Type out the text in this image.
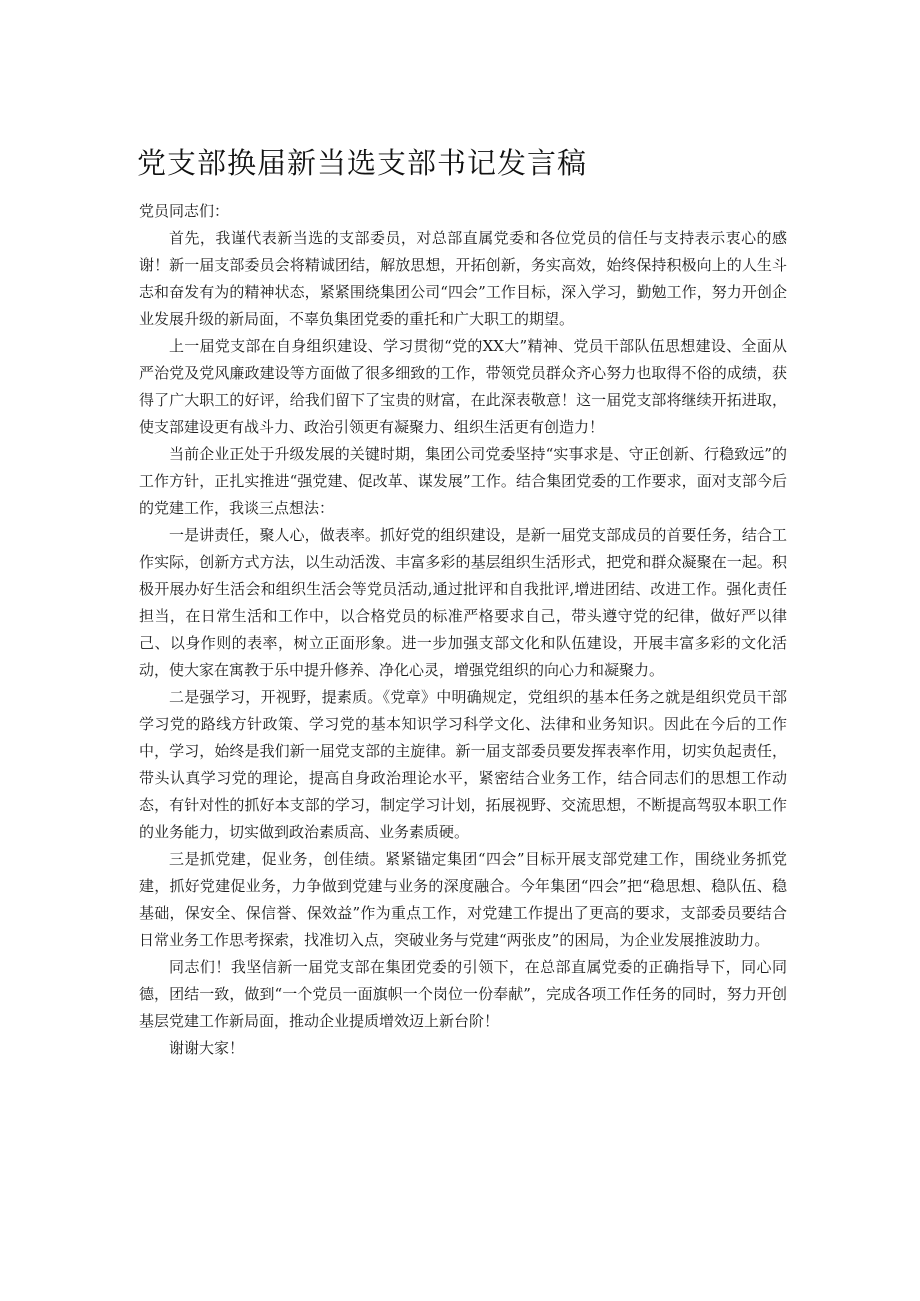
党支部换届新当选支部书记发言稿

党员同志们：

首先，我谨代表新当选的支部委员，对总部直属党委和各位党员的信任与支持表示衷心的感谢！新一届支部委员会将精诚团结，解放思想，开拓创新，务实高效，始终保持积极向上的人生斗志和奋发有为的精神状态，紧紧围绕集团公司“四会”工作目标，深入学习，勤勉工作，努力开创企业发展升级的新局面，不辜负集团党委的重托和广大职工的期望。

上一届党支部在自身组织建设、学习贯彻“党的XX大”精神、党员干部队伍思想建设、全面从严治党及党风廉政建设等方面做了很多细致的工作，带领党员群众齐心努力也取得不俗的成绩，获得了广大职工的好评，给我们留下了宝贵的财富，在此深表敬意！这一届党支部将继续开拓进取，使支部建设更有战斗力、政治引领更有凝聚力、组织生活更有创造力！

当前企业正处于升级发展的关键时期，集团公司党委坚持“实事求是、守正创新、行稳致远”的工作方针，正扎实推进“强党建、促改革、谋发展”工作。结合集团党委的工作要求，面对支部今后的党建工作，我谈三点想法：

一是讲责任，聚人心，做表率。抓好党的组织建设，是新一届党支部成员的首要任务，结合工作实际，创新方式方法，以生动活泼、丰富多彩的基层组织生活形式，把党和群众凝聚在一起。积极开展办好生活会和组织生活会等党员活动,通过批评和自我批评,增进团结、改进工作。强化责任担当，在日常生活和工作中，以合格党员的标准严格要求自己，带头遵守党的纪律，做好严以律己、以身作则的表率，树立正面形象。进一步加强支部文化和队伍建设，开展丰富多彩的文化活动，使大家在寓教于乐中提升修养、净化心灵，增强党组织的向心力和凝聚力。

二是强学习，开视野，提素质。《党章》中明确规定，党组织的基本任务之就是组织党员干部学习党的路线方针政策、学习党的基本知识学习科学文化、法律和业务知识。因此在今后的工作中，学习，始终是我们新一届党支部的主旋律。新一届支部委员要发挥表率作用，切实负起责任，带头认真学习党的理论，提高自身政治理论水平，紧密结合业务工作，结合同志们的思想工作动态，有针对性的抓好本支部的学习，制定学习计划，拓展视野、交流思想，不断提高驾驭本职工作的业务能力，切实做到政治素质高、业务素质硬。

三是抓党建，促业务，创佳绩。紧紧锚定集团“四会”目标开展支部党建工作，围绕业务抓党建，抓好党建促业务，力争做到党建与业务的深度融合。今年集团“四会”把“稳思想、稳队伍、稳基础，保安全、保信誉、保效益”作为重点工作，对党建工作提出了更高的要求，支部委员要结合日常业务工作思考探索，找准切入点，突破业务与党建“两张皮”的困局，为企业发展推波助力。

同志们！我坚信新一届党支部在集团党委的引领下，在总部直属党委的正确指导下，同心同德，团结一致，做到“一个党员一面旗帜一个岗位一份奉献”，完成各项工作任务的同时，努力开创基层党建工作新局面，推动企业提质增效迈上新台阶！

谢谢大家！
